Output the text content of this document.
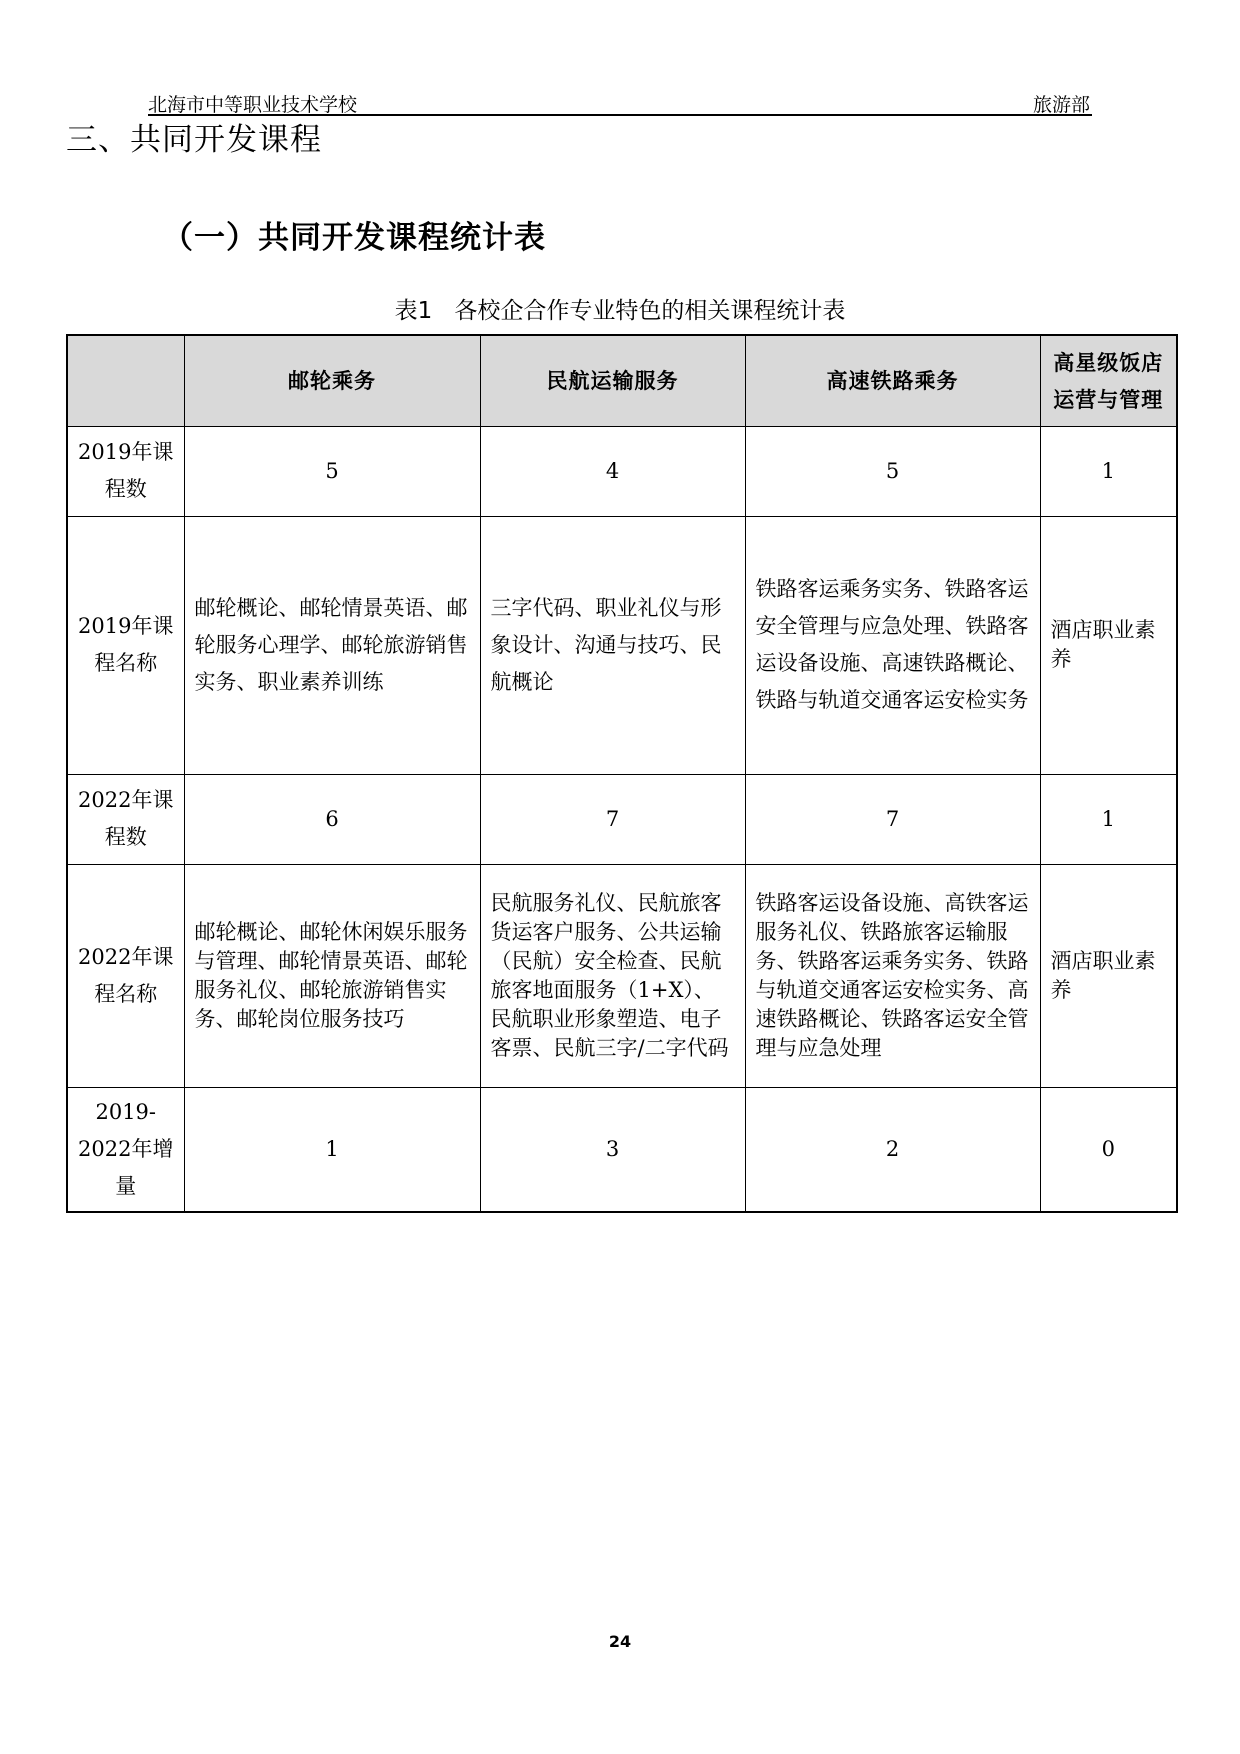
北海市中等职业技术学校	旅游部
三、共同开发课程
（一）共同开发课程统计表
表1 各校企合作专业特色的相关课程统计表
	邮轮乘务	民航运输服务	高速铁路乘务	高星级饭店运营与管理
2019年课程数	5	4	5	1
2019年课程名称	邮轮概论、邮轮情景英语、邮轮服务心理学、邮轮旅游销售实务、职业素养训练	三字代码、职业礼仪与形象设计、沟通与技巧、民航概论	铁路客运乘务实务、铁路客运安全管理与应急处理、铁路客运设备设施、高速铁路概论、铁路与轨道交通客运安检实务	酒店职业素养
2022年课程数	6	7	7	1
2022年课程名称	邮轮概论、邮轮休闲娱乐服务与管理、邮轮情景英语、邮轮服务礼仪、邮轮旅游销售实务、邮轮岗位服务技巧	民航服务礼仪、民航旅客货运客户服务、公共运输（民航）安全检查、民航旅客地面服务（1+X）、民航职业形象塑造、电子客票、民航三字/二字代码	铁路客运设备设施、高铁客运服务礼仪、铁路旅客运输服务、铁路客运乘务实务、铁路与轨道交通客运安检实务、高速铁路概论、铁路客运安全管理与应急处理	酒店职业素养
2019-2022年增量	1	3	2	0
24
